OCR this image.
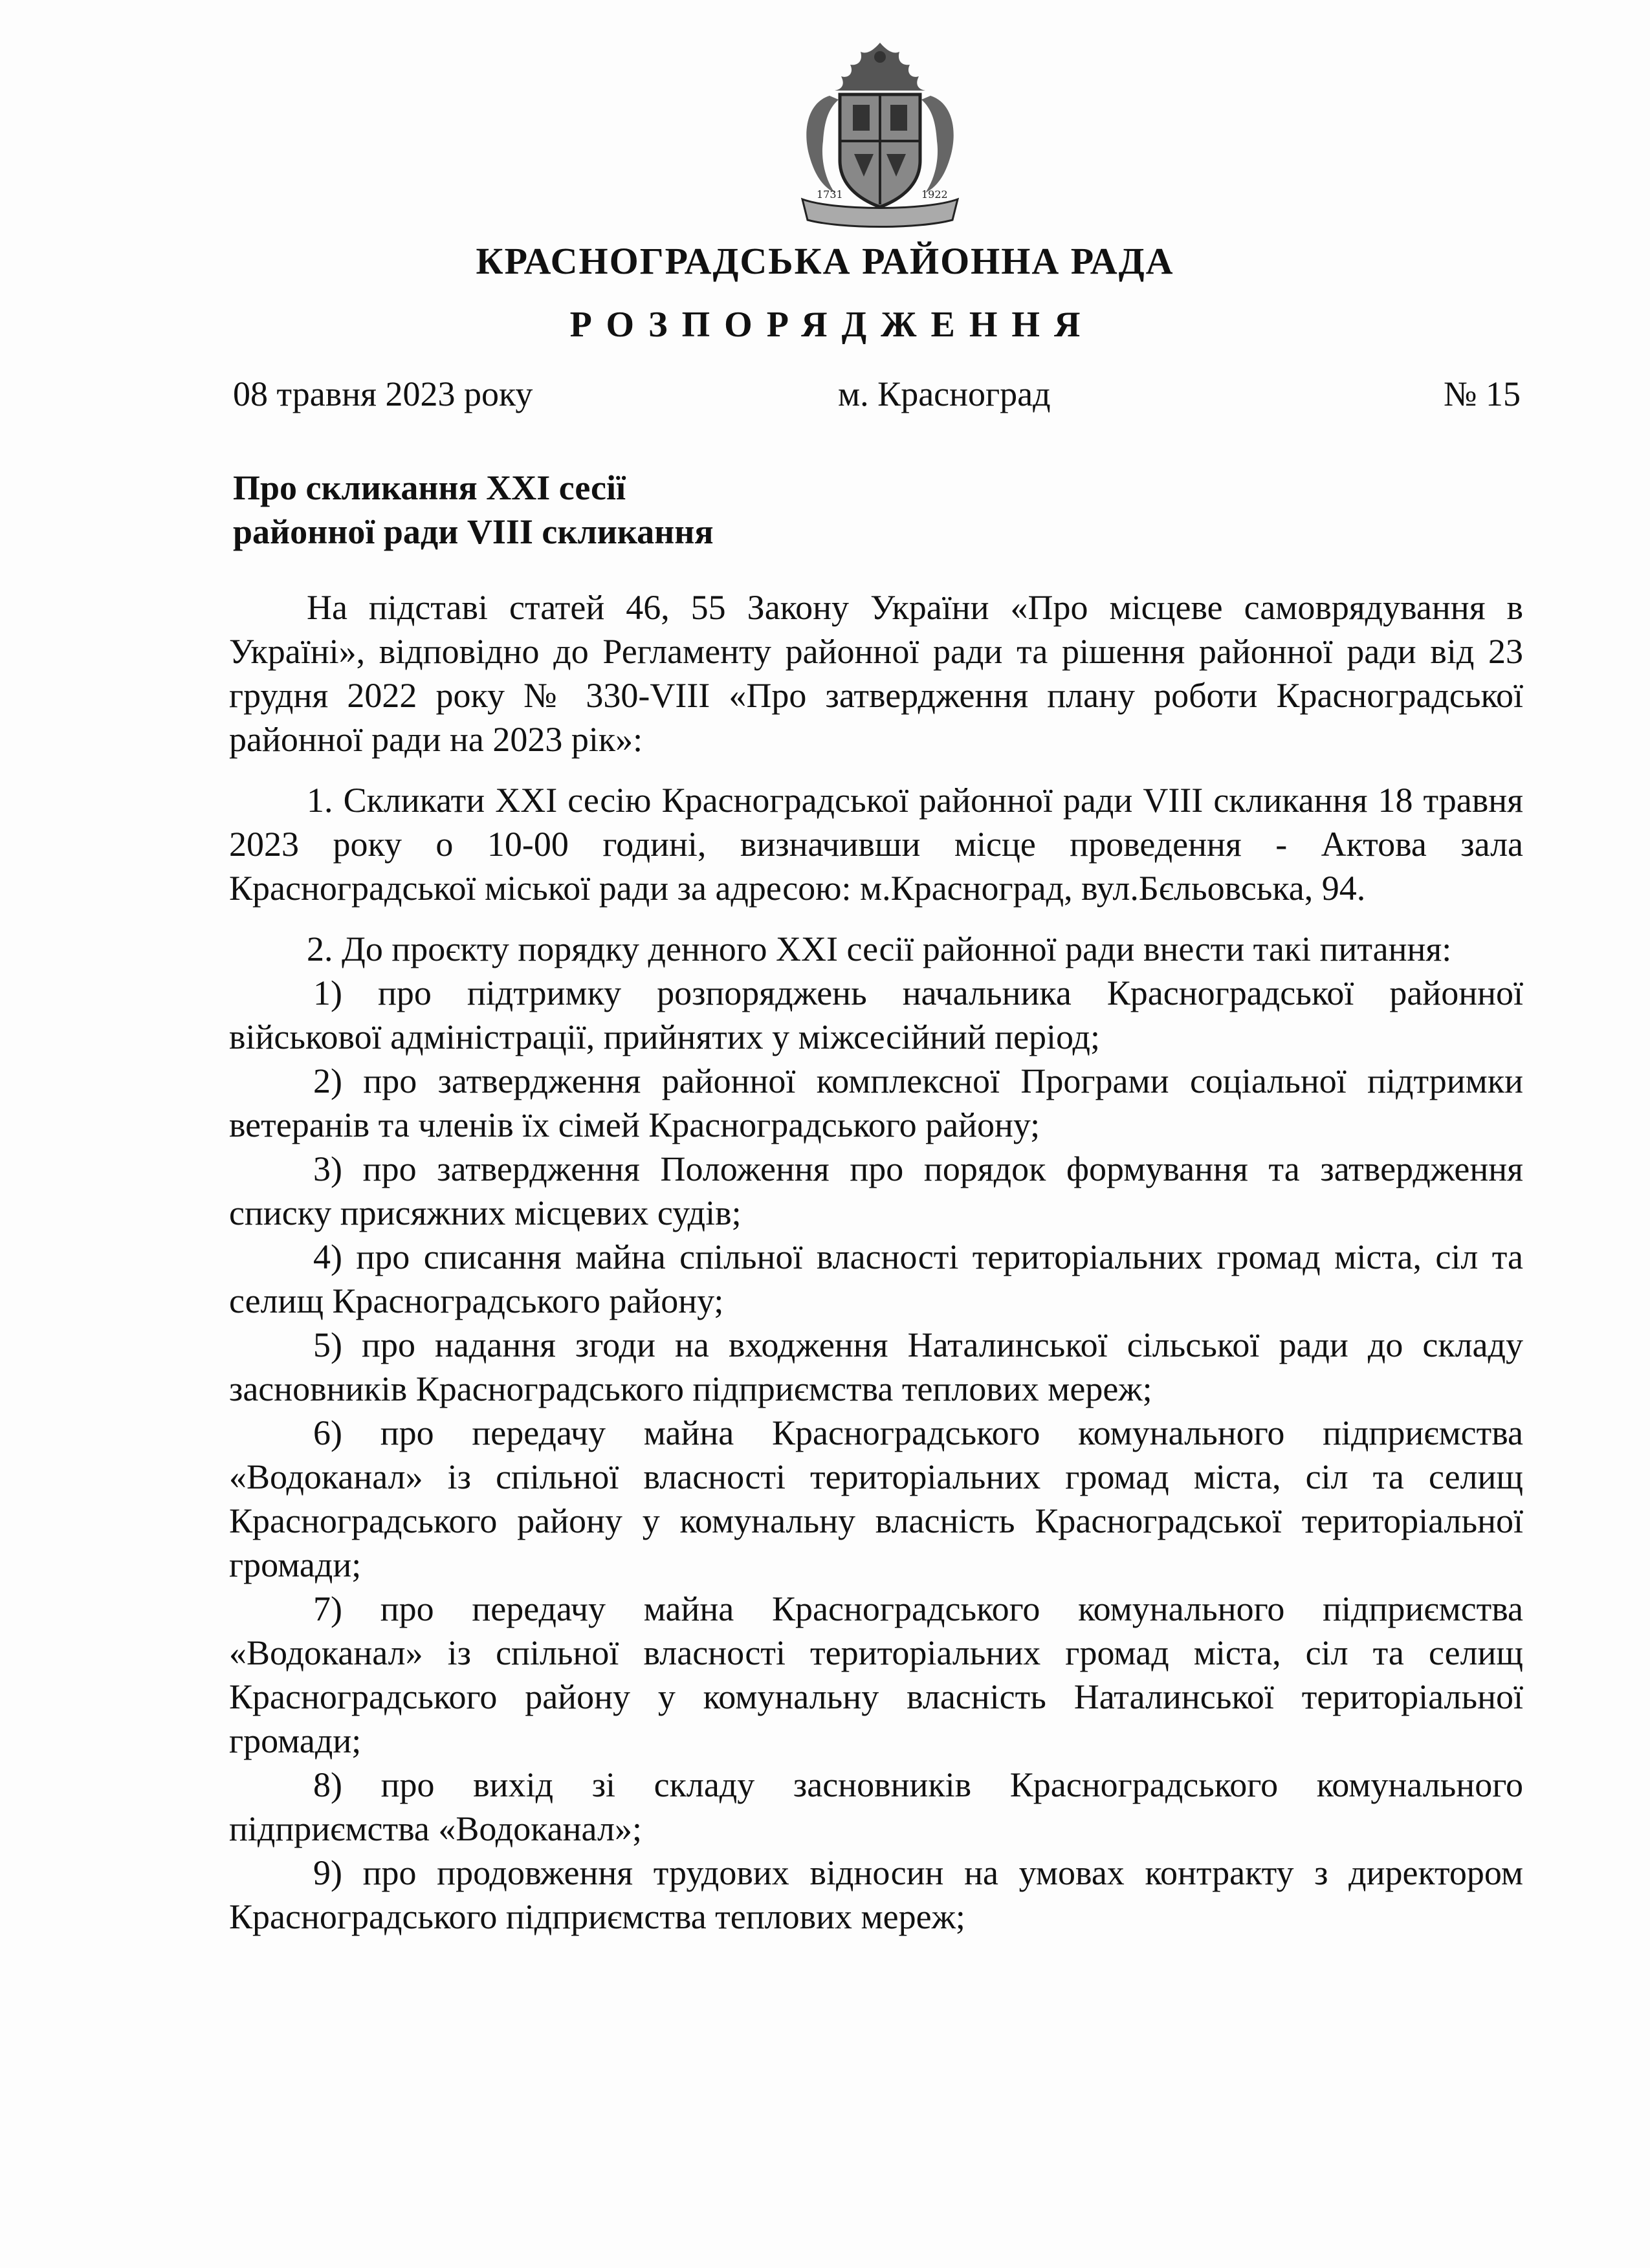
1731	1922
КРАСНОГРАДСЬКА РАЙОННА РАДА
РОЗПОРЯДЖЕННЯ
08 травня 2023 року	м. Красноград	№ 15
Про скликання XXI сесії
районної ради VIII скликання

На підставі статей 46, 55 Закону України «Про місцеве самоврядування в Україні», відповідно до Регламенту районної ради та рішення районної ради від 23 грудня 2022 року № 330-VIII «Про затвердження плану роботи Красноградської районної ради на 2023 рік»:

1. Скликати XXI сесію Красноградської районної ради VIII скликання 18 травня 2023 року о 10-00 годині, визначивши місце проведення - Актова зала Красноградської міської ради за адресою: м.Красноград, вул.Бєльовська, 94.

2. До проєкту порядку денного XXI сесії районної ради внести такі питання:

1) про підтримку розпоряджень начальника Красноградської районної військової адміністрації, прийнятих у міжсесійний період;

2) про затвердження районної комплексної Програми соціальної підтримки ветеранів та членів їх сімей Красноградського району;

3) про затвердження Положення про порядок формування та затвердження списку присяжних місцевих судів;

4) про списання майна спільної власності територіальних громад міста, сіл та селищ Красноградського району;

5) про надання згоди на входження Наталинської сільської ради до складу засновників Красноградського підприємства теплових мереж;

6) про передачу майна Красноградського комунального підприємства «Водоканал» із спільної власності територіальних громад міста, сіл та селищ Красноградського району у комунальну власність Красноградської територіальної громади;

7) про передачу майна Красноградського комунального підприємства «Водоканал» із спільної власності територіальних громад міста, сіл та селищ Красноградського району у комунальну власність Наталинської територіальної громади;

8) про вихід зі складу засновників Красноградського комунального підприємства «Водоканал»;

9) про продовження трудових відносин на умовах контракту з директором Красноградського підприємства теплових мереж;
